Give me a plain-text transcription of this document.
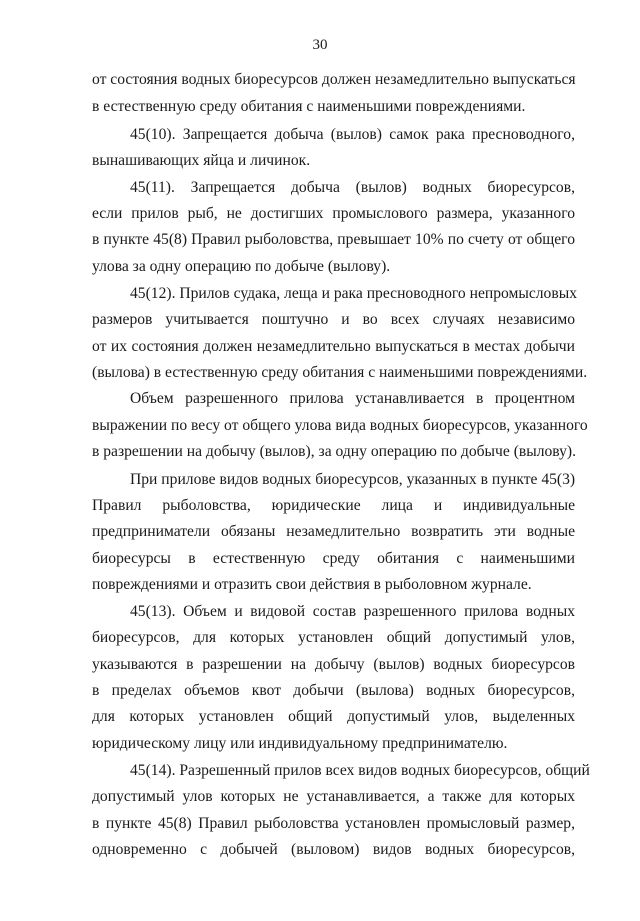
30
от состояния водных биоресурсов должен незамедлительно выпускаться
в естественную среду обитания с наименьшими повреждениями.
45(10). Запрещается добыча (вылов) самок рака пресноводного,
вынашивающих яйца и личинок.
45(11). Запрещается добыча (вылов) водных биоресурсов,
если прилов рыб, не достигших промыслового размера, указанного
в пункте 45(8) Правил рыболовства, превышает 10% по счету от общего
улова за одну операцию по добыче (вылову).
45(12). Прилов судака, леща и рака пресноводного непромысловых
размеров учитывается поштучно и во всех случаях независимо
от их состояния должен незамедлительно выпускаться в местах добычи
(вылова) в естественную среду обитания с наименьшими повреждениями.
Объем разрешенного прилова устанавливается в процентном
выражении по весу от общего улова вида водных биоресурсов, указанного
в разрешении на добычу (вылов), за одну операцию по добыче (вылову).
При прилове видов водных биоресурсов, указанных в пункте 45(3)
Правил рыболовства, юридические лица и индивидуальные
предприниматели обязаны незамедлительно возвратить эти водные
биоресурсы в естественную среду обитания с наименьшими
повреждениями и отразить свои действия в рыболовном журнале.
45(13). Объем и видовой состав разрешенного прилова водных
биоресурсов, для которых установлен общий допустимый улов,
указываются в разрешении на добычу (вылов) водных биоресурсов
в пределах объемов квот добычи (вылова) водных биоресурсов,
для которых установлен общий допустимый улов, выделенных
юридическому лицу или индивидуальному предпринимателю.
45(14). Разрешенный прилов всех видов водных биоресурсов, общий
допустимый улов которых не устанавливается, а также для которых
в пункте 45(8) Правил рыболовства установлен промысловый размер,
одновременно с добычей (выловом) видов водных биоресурсов,
